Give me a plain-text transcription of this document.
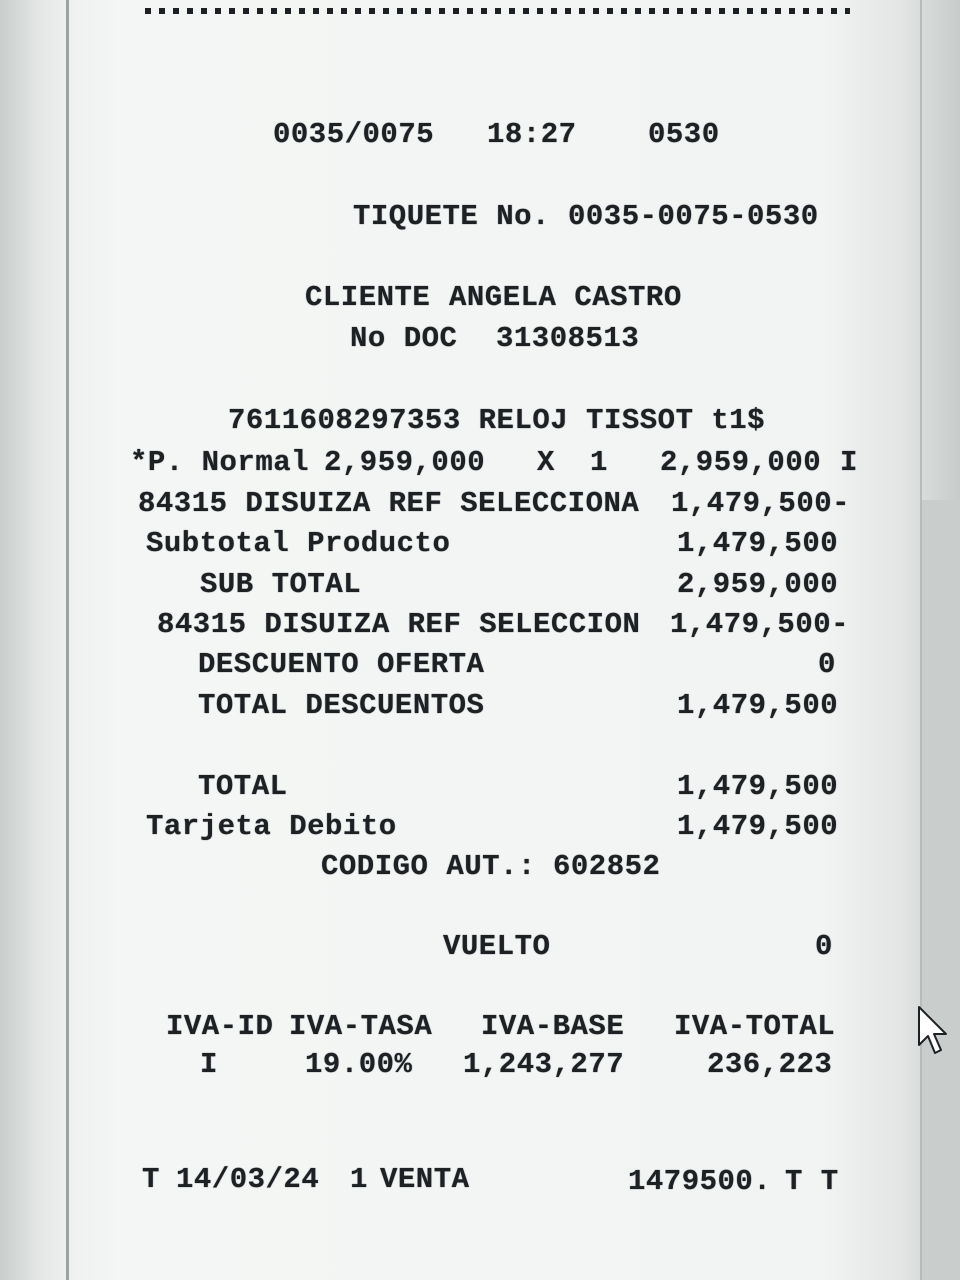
0035/0075 18:27 0530
TIQUETE No. 0035-0075-0530
CLIENTE ANGELA CASTRO
No DOC 31308513
7611608297353 RELOJ TISSOT t1$
*P. Normal 2,959,000 X 1 2,959,000 I
84315 DISUIZA REF SELECCIONA 1,479,500-
Subtotal Producto	1,479,500
SUB TOTAL	2,959,000
84315 DISUIZA REF SELECCION 1,479,500-
DESCUENTO OFERTA	0
TOTAL DESCUENTOS	1,479,500
TOTAL	1,479,500
Tarjeta Debito	1,479,500
CODIGO AUT.: 602852
VUELTO	0
IVA-ID IVA-TASA IVA-BASE IVA-TOTAL
I	19.00% 1,243,277	236,223
T 14/03/24 1 VENTA	1479500. T T
